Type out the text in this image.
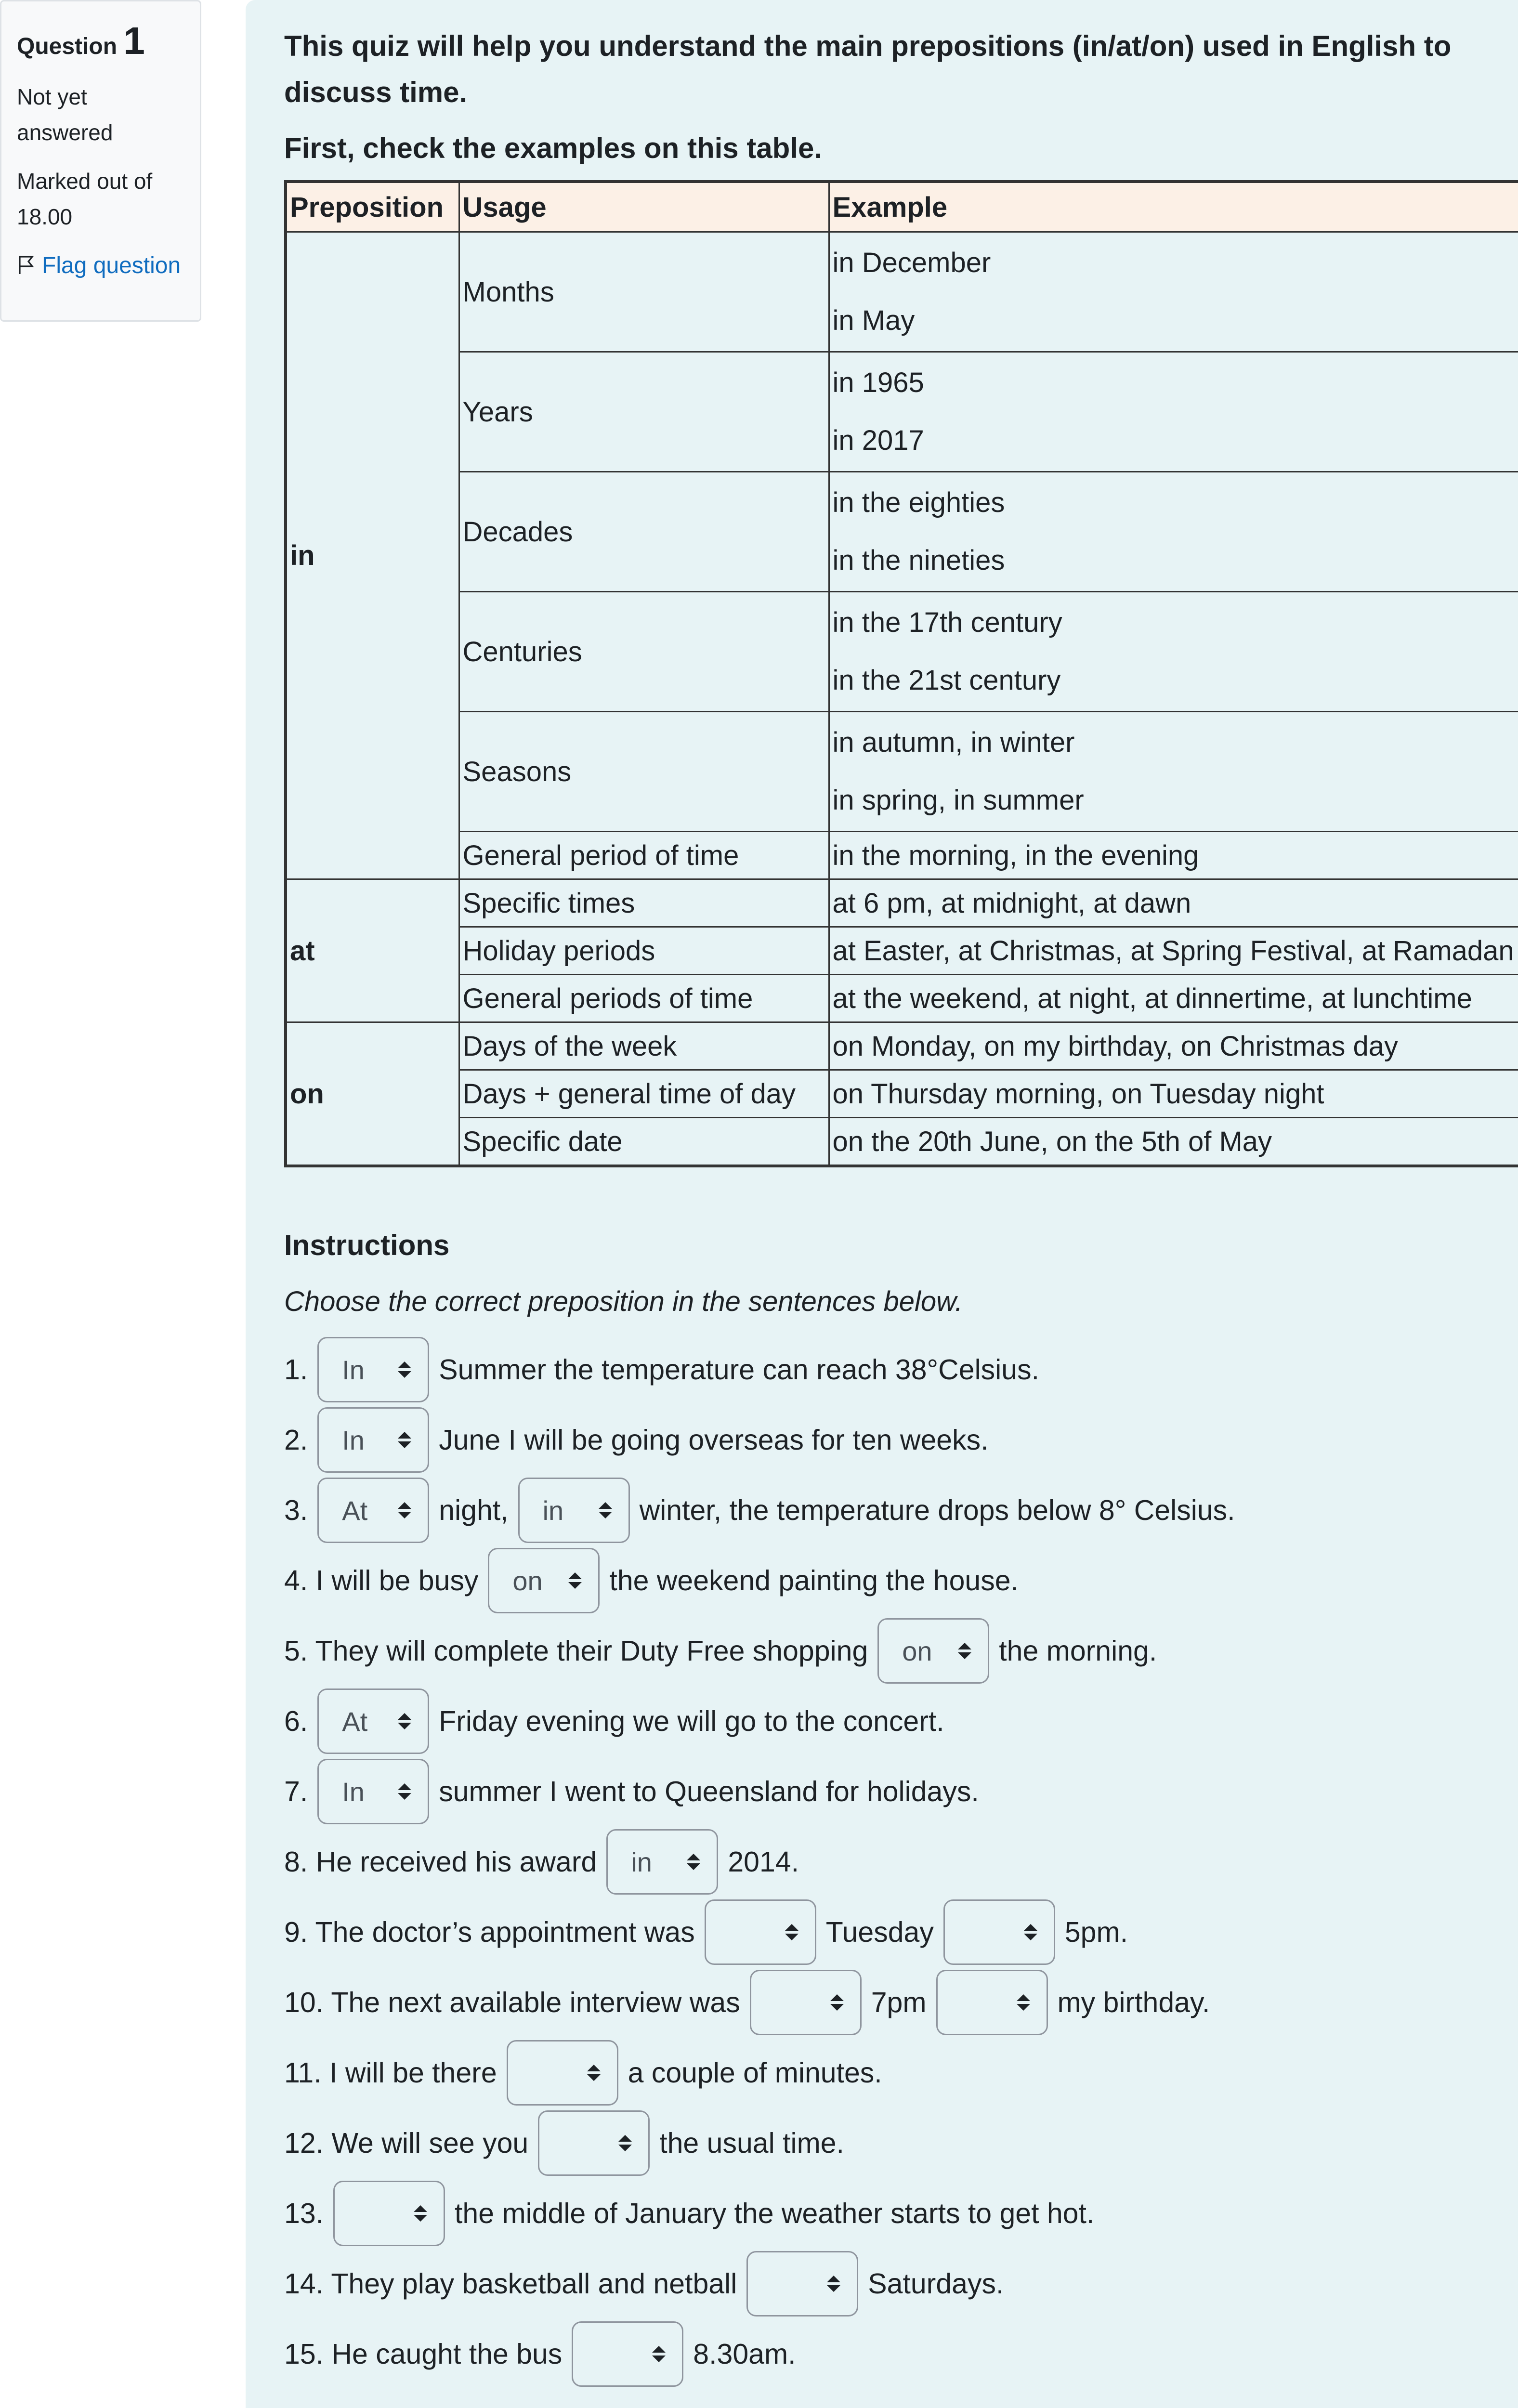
Question 1
Not yet answered
Marked out of 18.00
Flag question

This quiz will help you understand the main prepositions (in/at/on) used in English to discuss time.

First, check the examples on this table.

Preposition	Usage	Example
in	Months	in December
in May

	Years	in 1965
in 2017

	Decades	in the eighties
in the nineties

	Centuries	in the 17th century
in the 21st century

	Seasons	in autumn, in winter
in spring, in summer

	General period of time	in the morning, in the evening

at	Specific times	at 6 pm, at midnight, at dawn

	Holiday periods	at Easter, at Christmas, at Spring Festival, at Ramadan

	General periods of time	at the weekend, at night, at dinnertime, at lunchtime

on	Days of the week	on Monday, on my birthday, on Christmas day

	Days + general time of day	on Thursday morning, on Tuesday night

	Specific date	on the 20th June, on the 5th of May
Instructions
Choose the correct preposition in the sentences below.
1. In	Summer the temperature can reach 38°Celsius.
2. In	June I will be going overseas for ten weeks.
3. At	night, in	winter, the temperature drops below 8° Celsius.
4. I will be busy on the weekend painting the house.
5. They will complete their Duty Free shopping on the morning.
6. At	Friday evening we will go to the concert.
7. In	summer I went to Queensland for holidays.
8. He received his award in	2014.
9. The doctor’s appointment was	Tuesday	5pm.
10. The next available interview was	7pm	my birthday.
11. I will be there	a couple of minutes.
12. We will see you	the usual time.
13.	the middle of January the weather starts to get hot.
14. They play basketball and netball	Saturdays.
15. He caught the bus	8.30am.
